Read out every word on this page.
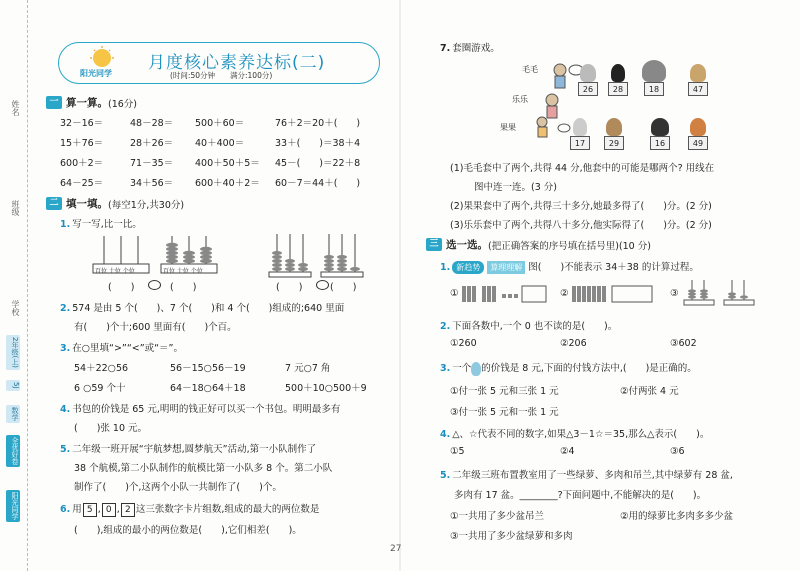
姓名
班级
学校
2年级(上)
5J
数学
全优好卷
阳光同学
阳光同学
月度核心素养达标(二)
(时间:50分钟　　满分:100分)
一 算一算。 (16分)
32－16＝	48－28＝ 500＋60＝	76＋2＝20＋(　　)
15＋76＝	28＋26＝ 40＋400＝	33＋(　　)＝38＋4
600＋2＝	71－35＝ 400＋50＋5＝ 45－(　　)＝22＋8
64－25＝	34＋56＝ 600＋40＋2＝ 60－7＝44＋(　　)
二 填一填。 (每空1分,共30分)
1. 写一写,比一比。
百位 十位 个位	百位 十位 个位
(　　)	(　　)	(　　)	(　　)
2. 574 是由 5 个(　　)、7 个(　　)和 4 个(　　)组成的;640 里面
有(　　)个十;600 里面有(　　)个百。
3. 在○里填“>”“<”或“＝”。
54＋22○56	56－15○56－19	7 元○7 角
6 ○59 个十	64－18○64＋18	500＋10○500＋9
4. 书包的价钱是 65 元,明明的钱正好可以买一个书包。明明最多有
(　　)张 10 元。
5. 二年级一班开展“宇航梦想,圆梦航天”活动,第一小队制作了
38 个航模,第二小队制作的航模比第一小队多 8 个。第二小队
制作了(　　)个,这两个小队一共制作了(　　)个。
6. 用 5 , 0 , 2 这三张数字卡片组数,组成的最大的两位数是
(　　),组成的最小的两位数是(　　),它们相差(　　)。
7. 套圈游戏。
毛毛
乐乐
果果
26	28	18	47
17	29	16	49
(1)毛毛套中了两个,共得 44 分,他套中的可能是哪两个? 用线在
图中连一连。(3 分)
(2)果果套中了两个,共得三十多分,她最多得了(　　)分。(2 分)
(3)乐乐套中了两个,共得八十多分,他实际得了(　　)分。(2 分)
三 选一选。 (把正确答案的序号填在括号里)(10 分)
1. 新趋势 算理理解 图(　　)不能表示 34＋38 的计算过程。
①	②	③
2. 下面各数中,一个 0 也不读的是(　　)。
①260	②206	③602
3. 一个 的价钱是 8 元,下面的付钱方法中,(　　)是正确的。
①付一张 5 元和三张 1 元	②付两张 4 元
③付一张 5 元和一张 1 元
4. △、☆代表不同的数字,如果△3－1☆＝35,那么△表示(　　)。
①5	②4	③6
5. 二年级三班布置教室用了一些绿萝、多肉和吊兰,其中绿萝有 28 盆,
多肉有 17 盆。________?下面问题中,不能解决的是(　　)。
①一共用了多少盆吊兰	②用的绿萝比多肉多多少盆
③一共用了多少盆绿萝和多肉
27
